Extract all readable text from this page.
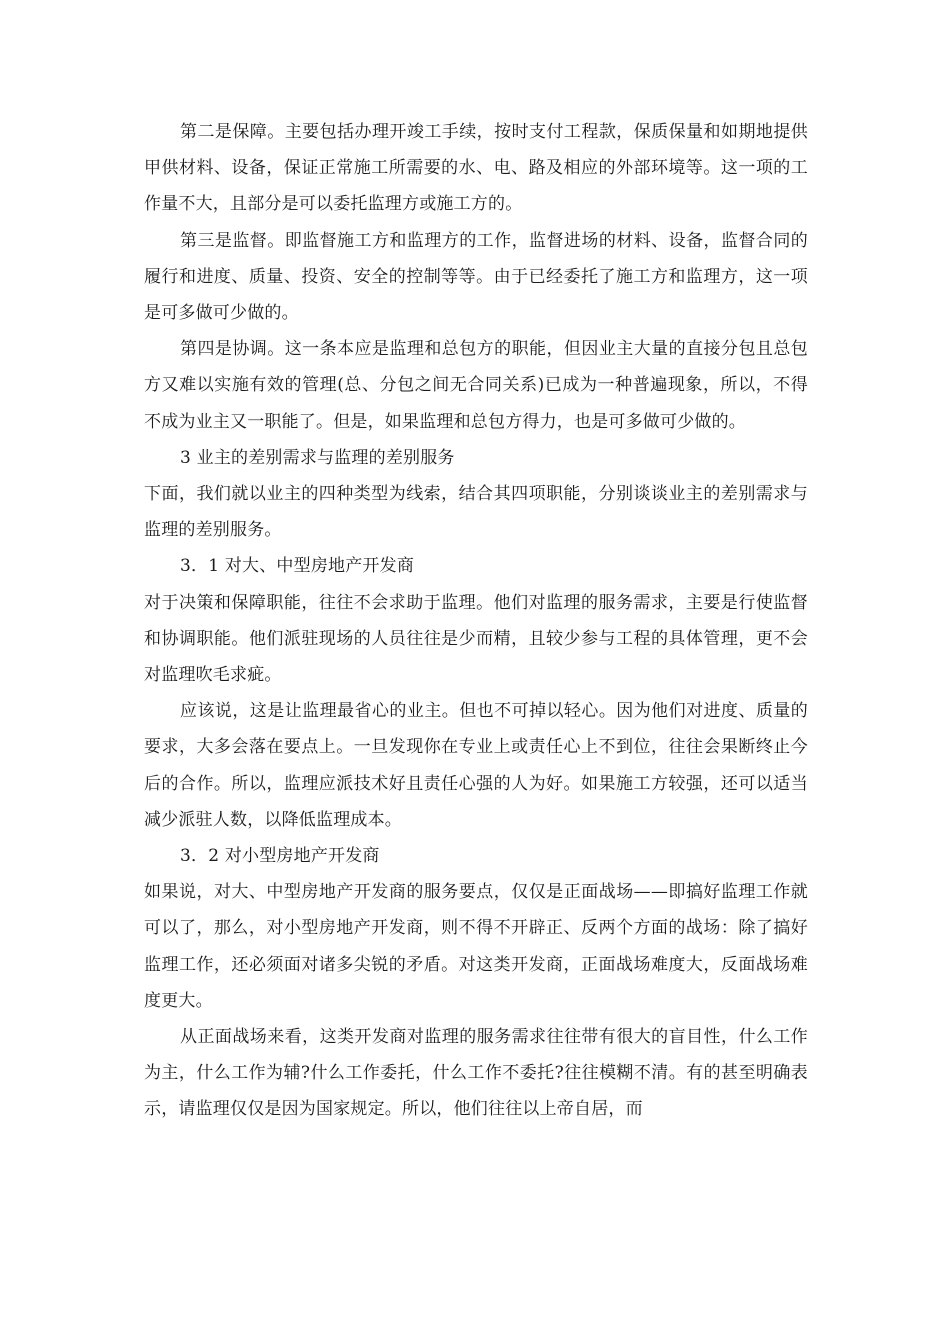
第二是保障。主要包括办理开竣工手续，按时支付工程款，保质保量和如期地提供甲供材料、设备，保证正常施工所需要的水、电、路及相应的外部环境等。这一项的工作量不大，且部分是可以委托监理方或施工方的。

第三是监督。即监督施工方和监理方的工作，监督进场的材料、设备，监督合同的履行和进度、质量、投资、安全的控制等等。由于已经委托了施工方和监理方，这一项是可多做可少做的。

第四是协调。这一条本应是监理和总包方的职能，但因业主大量的直接分包且总包方又难以实施有效的管理(总、分包之间无合同关系)已成为一种普遍现象，所以，不得不成为业主又一职能了。但是，如果监理和总包方得力，也是可多做可少做的。

3 业主的差别需求与监理的差别服务

下面，我们就以业主的四种类型为线索，结合其四项职能，分别谈谈业主的差别需求与监理的差别服务。

3．1 对大、中型房地产开发商

对于决策和保障职能，往往不会求助于监理。他们对监理的服务需求，主要是行使监督和协调职能。他们派驻现场的人员往往是少而精，且较少参与工程的具体管理，更不会对监理吹毛求疵。

应该说，这是让监理最省心的业主。但也不可掉以轻心。因为他们对进度、质量的要求，大多会落在要点上。一旦发现你在专业上或责任心上不到位，往往会果断终止今后的合作。所以，监理应派技术好且责任心强的人为好。如果施工方较强，还可以适当减少派驻人数，以降低监理成本。

3．2 对小型房地产开发商

如果说，对大、中型房地产开发商的服务要点，仅仅是正面战场——即搞好监理工作就可以了，那么，对小型房地产开发商，则不得不开辟正、反两个方面的战场：除了搞好监理工作，还必须面对诸多尖锐的矛盾。对这类开发商，正面战场难度大，反面战场难度更大。

从正面战场来看，这类开发商对监理的服务需求往往带有很大的盲目性，什么工作为主，什么工作为辅?什么工作委托，什么工作不委托?往往模糊不清。有的甚至明确表示，请监理仅仅是因为国家规定。所以，他们往往以上帝自居，而
